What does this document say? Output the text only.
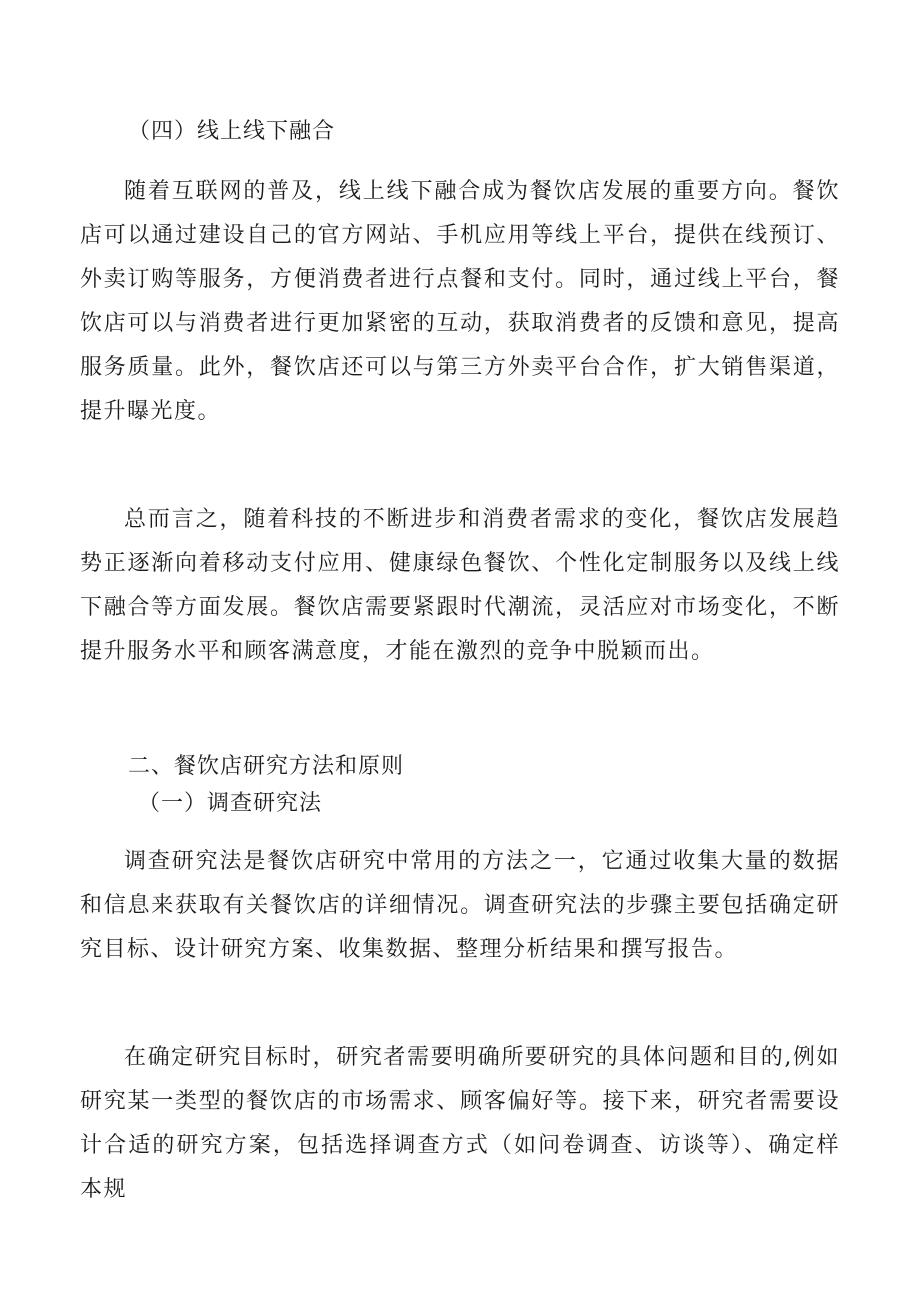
（四）线上线下融合

随着互联网的普及，线上线下融合成为餐饮店发展的重要方向。餐饮店可以通过建设自己的官方网站、手机应用等线上平台，提供在线预订、外卖订购等服务，方便消费者进行点餐和支付。同时，通过线上平台，餐饮店可以与消费者进行更加紧密的互动，获取消费者的反馈和意见，提高服务质量。此外，餐饮店还可以与第三方外卖平台合作，扩大销售渠道，提升曝光度。

总而言之，随着科技的不断进步和消费者需求的变化，餐饮店发展趋势正逐渐向着移动支付应用、健康绿色餐饮、个性化定制服务以及线上线下融合等方面发展。餐饮店需要紧跟时代潮流，灵活应对市场变化，不断提升服务水平和顾客满意度，才能在激烈的竞争中脱颖而出。

二、餐饮店研究方法和原则
（一）调查研究法

调查研究法是餐饮店研究中常用的方法之一，它通过收集大量的数据和信息来获取有关餐饮店的详细情况。调查研究法的步骤主要包括确定研究目标、设计研究方案、收集数据、整理分析结果和撰写报告。

在确定研究目标时，研究者需要明确所要研究的具体问题和目的,例如研究某一类型的餐饮店的市场需求、顾客偏好等。接下来，研究者需要设计合适的研究方案，包括选择调查方式（如问卷调查、访谈等）、确定样本规
